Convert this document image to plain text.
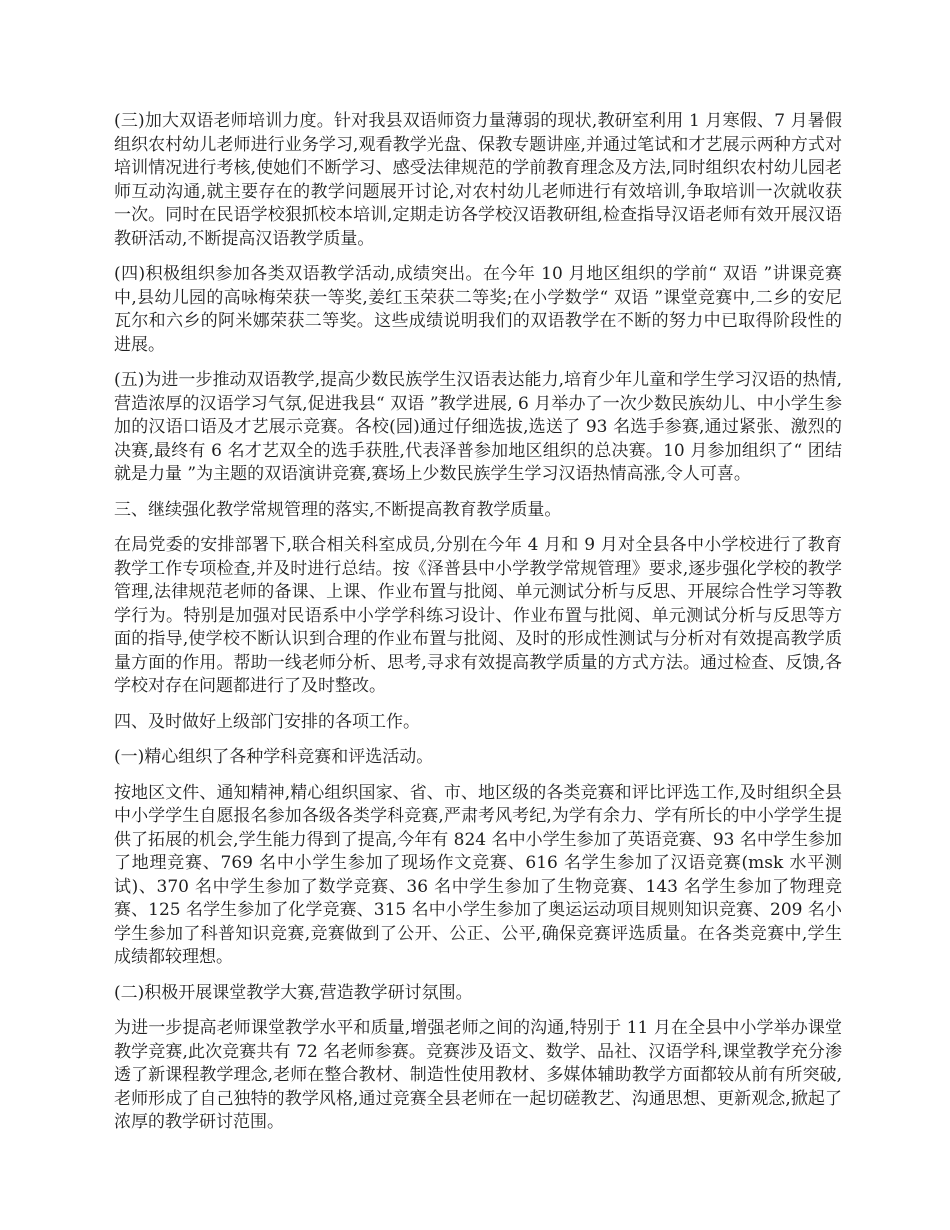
(三)加大双语老师培训力度。针对我县双语师资力量薄弱的现状,教研室利用 1 月寒假、7 月暑假组织农村幼儿老师进行业务学习,观看教学光盘、保教专题讲座,并通过笔试和才艺展示两种方式对培训情况进行考核,使她们不断学习、感受法律规范的学前教育理念及方法,同时组织农村幼儿园老师互动沟通,就主要存在的教学问题展开讨论,对农村幼儿老师进行有效培训,争取培训一次就收获一次。同时在民语学校狠抓校本培训,定期走访各学校汉语教研组,检查指导汉语老师有效开展汉语教研活动,不断提高汉语教学质量。

(四)积极组织参加各类双语教学活动,成绩突出。在今年 10 月地区组织的学前“ 双语 ”讲课竞赛中,县幼儿园的高咏梅荣获一等奖,姜红玉荣获二等奖;在小学数学“ 双语 ”课堂竞赛中,二乡的安尼瓦尔和六乡的阿米娜荣获二等奖。这些成绩说明我们的双语教学在不断的努力中已取得阶段性的进展。

(五)为进一步推动双语教学,提高少数民族学生汉语表达能力,培育少年儿童和学生学习汉语的热情,营造浓厚的汉语学习气氛,促进我县“ 双语 ”教学进展, 6 月举办了一次少数民族幼儿、中小学生参加的汉语口语及才艺展示竞赛。各校(园)通过仔细选拔,选送了 93 名选手参赛,通过紧张、激烈的决赛,最终有 6 名才艺双全的选手获胜,代表泽普参加地区组织的总决赛。10 月参加组织了“ 团结就是力量 ”为主题的双语演讲竞赛,赛场上少数民族学生学习汉语热情高涨,令人可喜。

三、继续强化教学常规管理的落实,不断提高教育教学质量。

在局党委的安排部署下,联合相关科室成员,分别在今年 4 月和 9 月对全县各中小学校进行了教育教学工作专项检查,并及时进行总结。按《泽普县中小学教学常规管理》要求,逐步强化学校的教学管理,法律规范老师的备课、上课、作业布置与批阅、单元测试分析与反思、开展综合性学习等教学行为。特别是加强对民语系中小学学科练习设计、作业布置与批阅、单元测试分析与反思等方面的指导,使学校不断认识到合理的作业布置与批阅、及时的形成性测试与分析对有效提高教学质量方面的作用。帮助一线老师分析、思考,寻求有效提高教学质量的方式方法。通过检查、反馈,各学校对存在问题都进行了及时整改。

四、及时做好上级部门安排的各项工作。

(一)精心组织了各种学科竞赛和评选活动。

按地区文件、通知精神,精心组织国家、省、市、地区级的各类竞赛和评比评选工作,及时组织全县中小学学生自愿报名参加各级各类学科竞赛,严肃考风考纪,为学有余力、学有所长的中小学学生提供了拓展的机会,学生能力得到了提高,今年有 824 名中小学生参加了英语竞赛、93 名中学生参加了地理竞赛、769 名中小学生参加了现场作文竞赛、616 名学生参加了汉语竞赛(msk 水平测试)、370 名中学生参加了数学竞赛、36 名中学生参加了生物竞赛、143 名学生参加了物理竞赛、125 名学生参加了化学竞赛、315 名中小学生参加了奥运运动项目规则知识竞赛、209 名小学生参加了科普知识竞赛,竞赛做到了公开、公正、公平,确保竞赛评选质量。在各类竞赛中,学生成绩都较理想。

(二)积极开展课堂教学大赛,营造教学研讨氛围。

为进一步提高老师课堂教学水平和质量,增强老师之间的沟通,特别于 11 月在全县中小学举办课堂教学竞赛,此次竞赛共有 72 名老师参赛。竞赛涉及语文、数学、品社、汉语学科,课堂教学充分渗透了新课程教学理念,老师在整合教材、制造性使用教材、多媒体辅助教学方面都较从前有所突破,老师形成了自己独特的教学风格,通过竞赛全县老师在一起切磋教艺、沟通思想、更新观念,掀起了浓厚的教学研讨范围。
